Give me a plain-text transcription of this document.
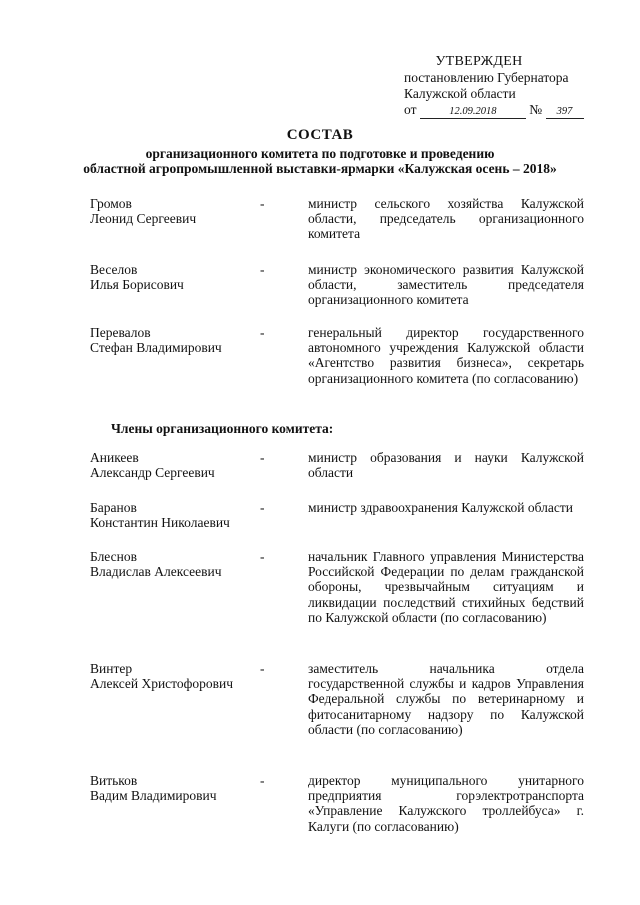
УТВЕРЖДЕН
постановлению Губернатора
Калужской области
от	12.09.2018 № 397
СОСТАВ
организационного комитета по подготовке и проведению
областной агропромышленной выставки-ярмарки «Калужская осень – 2018»
Громов
Леонид Сергеевич
-	министр сельского хозяйства Калужской области, председатель организационного комитета
Веселов
Илья Борисович
-	министр экономического развития Калужской области, заместитель председателя организационного комитета
Перевалов
Стефан Владимирович
-	генеральный директор государственного автономного учреждения Калужской области «Агентство развития бизнеса», секретарь организационного комитета (по согласованию)
Члены организационного комитета:
Аникеев
Александр Сергеевич
-	министр образования и науки Калужской области
Баранов
Константин Николаевич
-	министр здравоохранения Калужской области
Блеснов
Владислав Алексеевич
-	начальник Главного управления Министерства Российской Федерации по делам гражданской обороны, чрезвычайным ситуациям и ликвидации последствий стихийных бедствий по Калужской области (по согласованию)
Винтер
Алексей Христофорович
-	заместитель начальника отдела государственной службы и кадров Управления Федеральной службы по ветеринарному и фитосанитарному надзору по Калужской области (по согласованию)
Витьков
Вадим Владимирович
-	директор муниципального унитарного предприятия горэлектротранспорта «Управление Калужского троллейбуса» г. Калуги (по согласованию)
